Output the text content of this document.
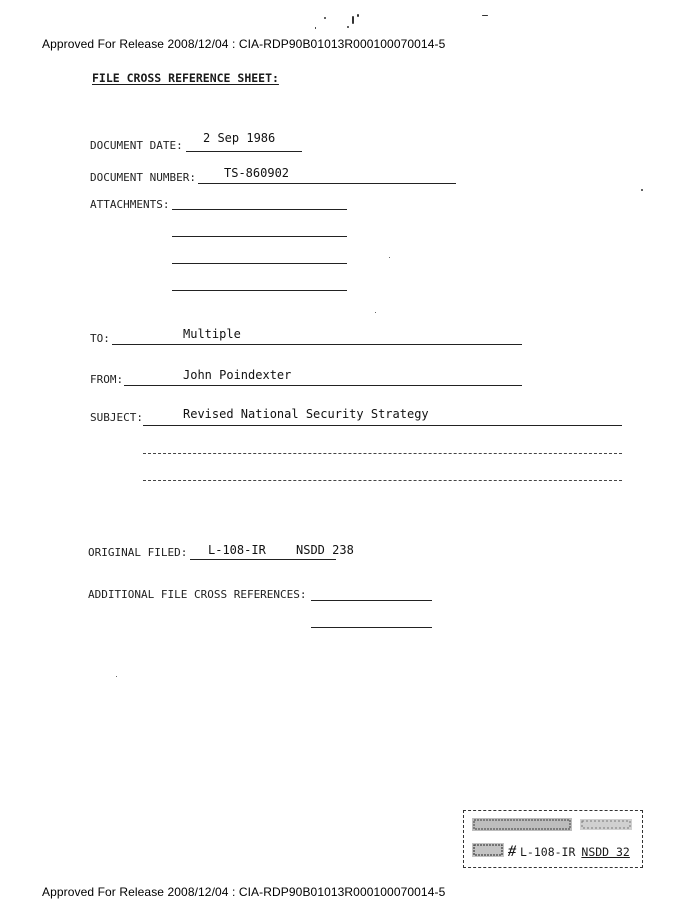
Approved For Release 2008/12/04 : CIA-RDP90B01013R000100070014-5
FILE CROSS REFERENCE SHEET:
DOCUMENT DATE:
2 Sep 1986
DOCUMENT NUMBER: TS-860902
ATTACHMENTS:
TO:	Multiple
FROM:	John Poindexter
SUBJECT:	Revised National Security Strategy
ORIGINAL FILED: L-108-IR	NSDD 238
ADDITIONAL FILE CROSS REFERENCES:
# L-108-IR NSDD 32
Approved For Release 2008/12/04 : CIA-RDP90B01013R000100070014-5
